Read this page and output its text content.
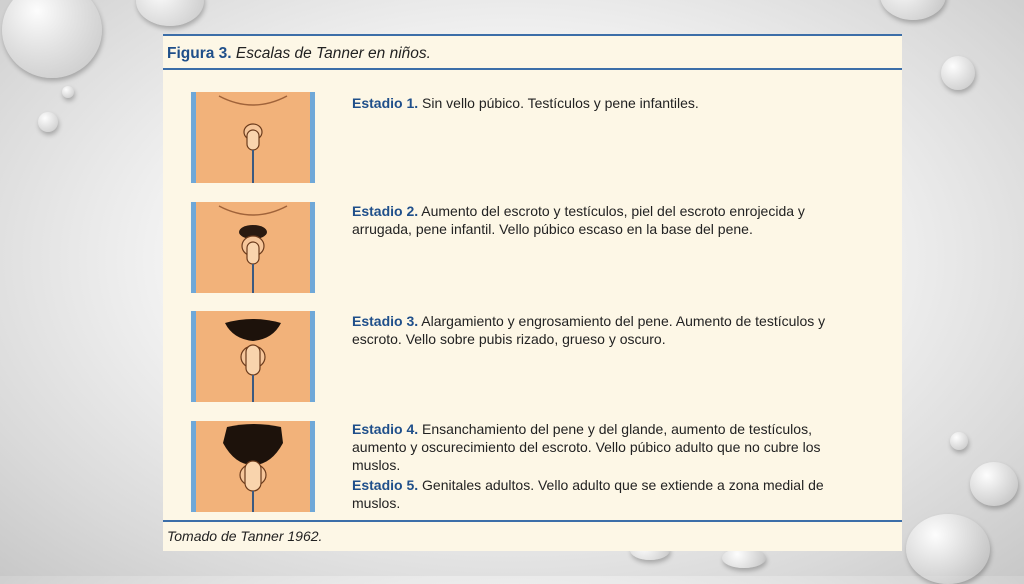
Figura 3. Escalas de Tanner en niños.
Estadio 1. Sin vello púbico. Testículos y pene infantiles.
Estadio 2. Aumento del escroto y testículos, piel del escroto enrojecida y arrugada, pene infantil. Vello púbico escaso en la base del pene.
Estadio 3. Alargamiento y engrosamiento del pene. Aumento de testículos y escroto. Vello sobre pubis rizado, grueso y oscuro.
Estadio 4. Ensanchamiento del pene y del glande, aumento de testículos, aumento y oscurecimiento del escroto. Vello púbico adulto que no cubre los muslos.
Estadio 5. Genitales adultos. Vello adulto que se extiende a zona medial de muslos.
Tomado de Tanner 1962.
